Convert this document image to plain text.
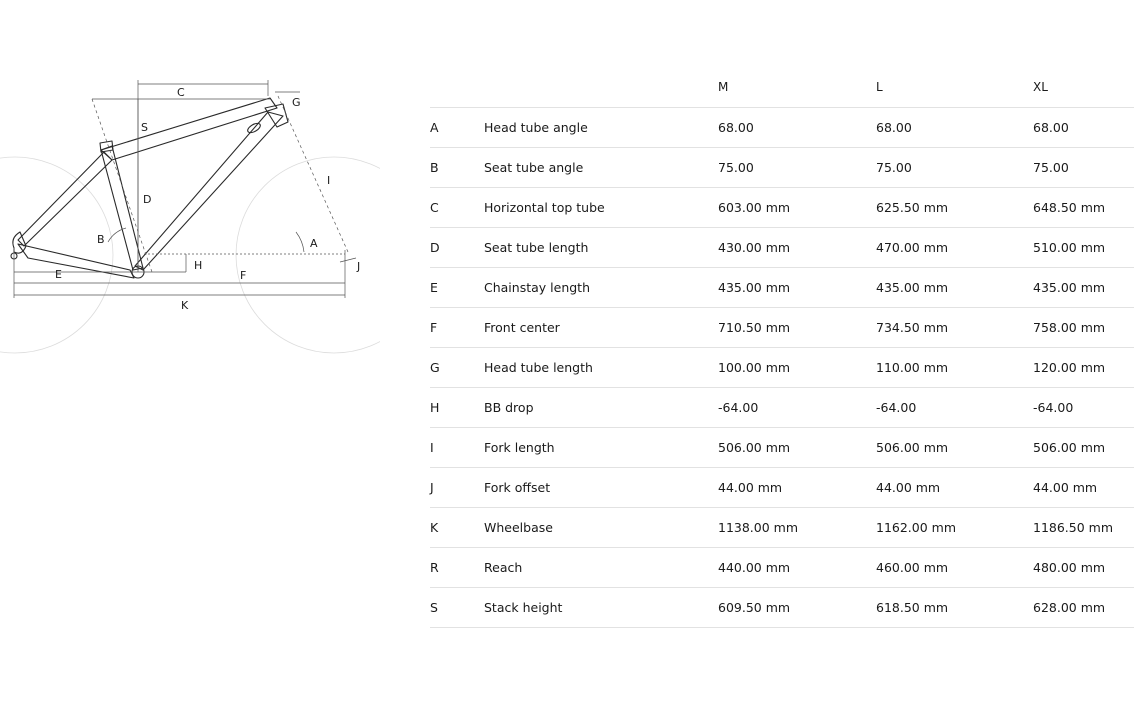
C
G
S
I
D
B	A
H	J
E	F
K
		M	L	XL
A	Head tube angle	68.00	68.00	68.00
B	Seat tube angle	75.00	75.00	75.00
C	Horizontal top tube	603.00 mm	625.50 mm	648.50 mm
D	Seat tube length	430.00 mm	470.00 mm	510.00 mm
E	Chainstay length	435.00 mm	435.00 mm	435.00 mm
F	Front center	710.50 mm	734.50 mm	758.00 mm
G	Head tube length	100.00 mm	110.00 mm	120.00 mm
H	BB drop	-64.00	-64.00	-64.00
I	Fork length	506.00 mm	506.00 mm	506.00 mm
J	Fork offset	44.00 mm	44.00 mm	44.00 mm
K	Wheelbase	1138.00 mm	1162.00 mm	1186.50 mm
R	Reach	440.00 mm	460.00 mm	480.00 mm
S	Stack height	609.50 mm	618.50 mm	628.00 mm
